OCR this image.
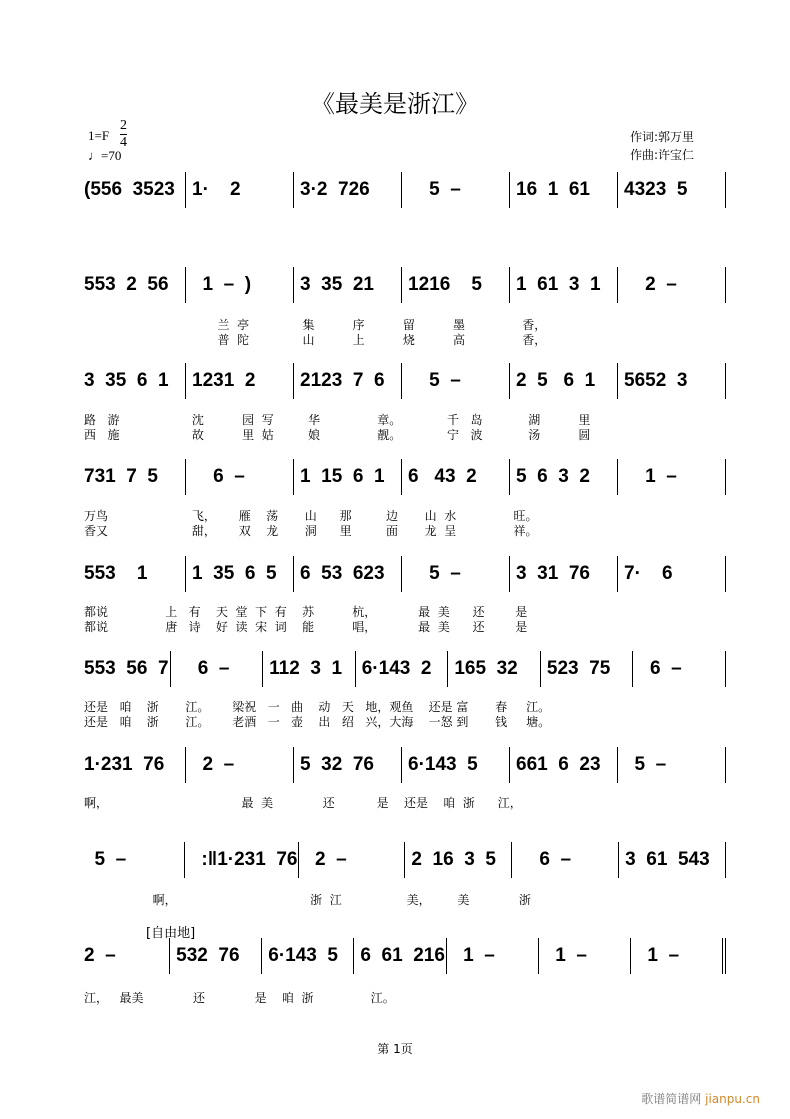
《最美是浙江》
1=F
2
4
♩=70
作词:郭万里
作曲:许宝仁
[自由地]
(556  3523 1·    2	3·2  726	5  –	16  1  61	4323  5
553  2  56	1  –  )	3  35  21	1216    5	1  61  3  1	2  –
兰  亭              集          序          留          墨               香，
普  陀              山          上          烧          高               香，
3  35  6  1	1231  2	2123  7  6	5  –	2  5   6  1	5652  3
路   游                   沈          园  写         华               章。            千   岛            湖          里
西   施                   故          里  姑         娘               靓。            宁   波            汤          圆
731  7  5	6  –	1  15  6  1	6   43  2	5  6  3  2	1  –
万鸟                      飞，      雁    荡       山      那         边       山  水               旺。
香又                      甜，      双    龙       洞      里         面       龙  呈               祥。
553    1	1  35  6  5	6  53  623	5  –	3  31  76	7·    6
都说               上   有    天  堂  下  有    苏          杭，           最  美      还        是
都说               唐   诗    好  读  宋  词    能          唱，           最  美      还        是
553  56  7 6  –	112  3  1	6·143  2	165  32	523  75	6  –
还是   咱    浙       江。      梁祝   一   曲    动   天   地，观鱼    还是 富       春     江。
还是   咱    浙       江。      老酒   一   壶    出   绍   兴，大海    一怒 到       钱     塘。
1·231  76	2  –	5  32  76	6·143  5	661  6  23	5  –
啊，                                   最  美             还           是    还是    咱  浙      江，
5  –	:‖1·231  76 2  –	2  16  3  5	6  –	3  61  543
啊，                                   浙  江                 美，       美             浙
2  –	532  76	6·143  5	6  61  216 1  –	1  –	1  –
江，   最美             还             是    咱  浙               江。
第 1页
歌谱简谱网 jianpu.cn
